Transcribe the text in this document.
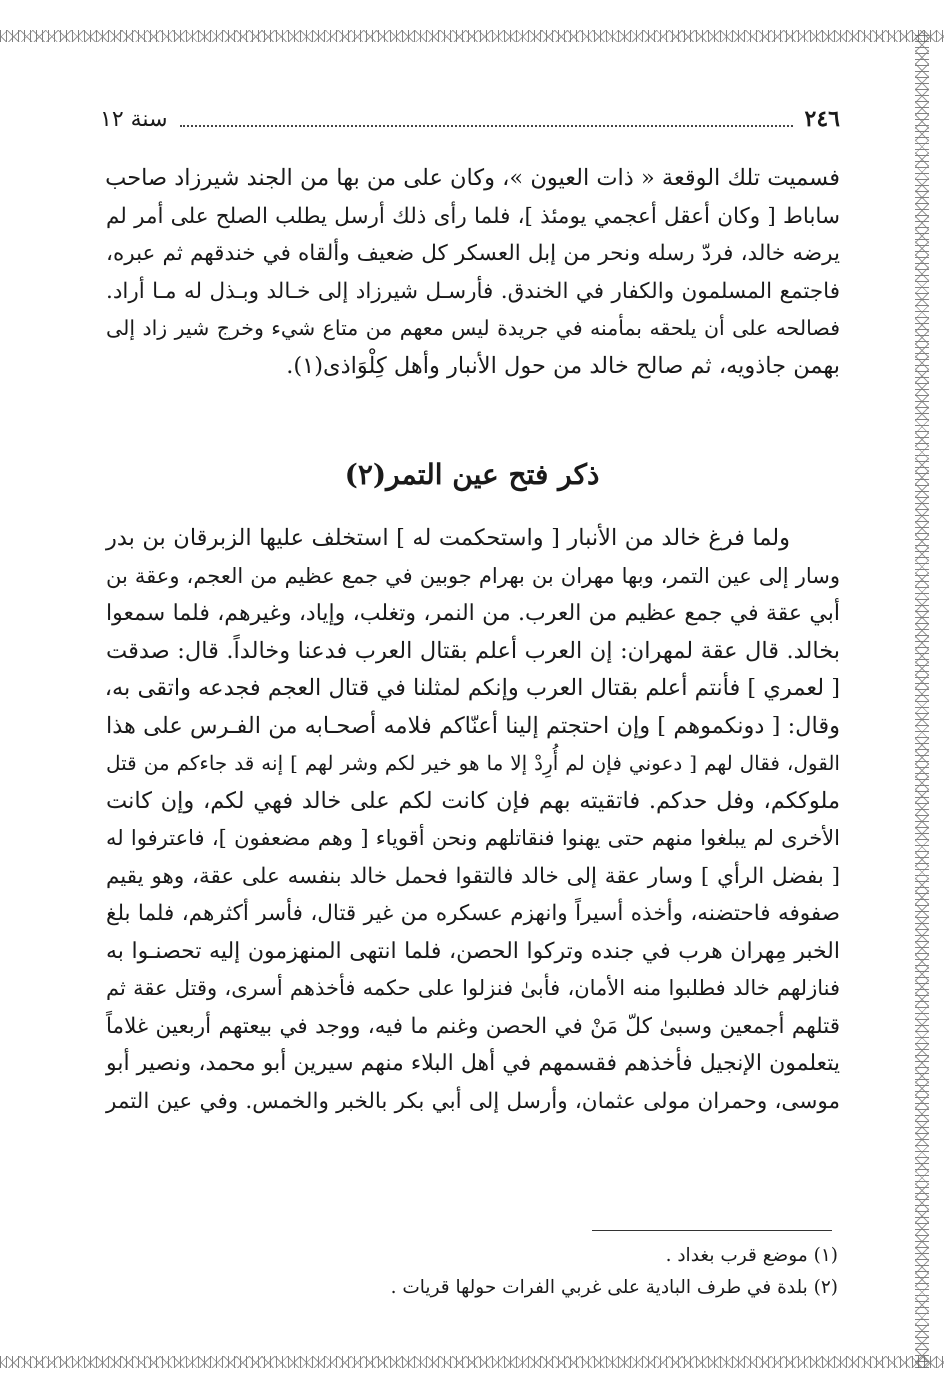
٢٤٦
سنة ١٢

فسميت تلك الوقعة « ذات العيون »، وكان على من بها من الجند شيرزاد صاحب
ساباط [ وكان أعقل أعجمي يومئذ ]، فلما رأى ذلك أرسل يطلب الصلح على أمر لم
يرضه خالد، فردّ رسله ونحر من إبل العسكر كل ضعيف وألقاه في خندقهم ثم عبره،
فاجتمع المسلمون والكفار في الخندق. فأرسـل شيرزاد إلى خـالد وبـذل له مـا أراد.
فصالحه على أن يلحقه بمأمنه في جريدة ليس معهم من متاع شيء وخرج شير زاد إلى
بهمن جاذويه، ثم صالح خالد من حول الأنبار وأهل كِلْوَاذى(١).

ذكر فتح عين التمر(٢)

ولما فرغ خالد من الأنبار [ واستحكمت له ] استخلف عليها الزبرقان بن بدر
وسار إلى عين التمر، وبها مهران بن بهرام جوبين في جمع عظيم من العجم، وعقة بن
أبي عقة في جمع عظيم من العرب. من النمر، وتغلب، وإياد، وغيرهم، فلما سمعوا
بخالد. قال عقة لمهران: إن العرب أعلم بقتال العرب فدعنا وخالداً. قال: صدقت
[ لعمري ] فأنتم أعلم بقتال العرب وإنكم لمثلنا في قتال العجم فجدعه واتقى به،
وقال: [ دونكموهم ] وإن احتجتم إلينا أعنّاكم فلامه أصحـابه من الفـرس على هذا
القول، فقال لهم [ دعوني فإن لم أُرِدْ إلا ما هو خير لكم وشر لهم ] إنه قد جاءكم من قتل
ملوككم، وفل حدكم. فاتقيته بهم فإن كانت لكم على خالد فهي لكم، وإن كانت
الأخرى لم يبلغوا منهم حتى يهنوا فنقاتلهم ونحن أقوياء [ وهم مضعفون ]، فاعترفوا له
[ بفضل الرأي ] وسار عقة إلى خالد فالتقوا فحمل خالد بنفسه على عقة، وهو يقيم
صفوفه فاحتضنه، وأخذه أسيراً وانهزم عسكره من غير قتال، فأسر أكثرهم، فلما بلغ
الخبر مِهران هرب في جنده وتركوا الحصن، فلما انتهى المنهزمون إليه تحصنـوا به
فنازلهم خالد فطلبوا منه الأمان، فأبىٰ فنزلوا على حكمه فأخذهم أسرى، وقتل عقة ثم
قتلهم أجمعين وسبىٰ كلّ مَنْ في الحصن وغنم ما فيه، ووجد في بيعتهم أربعين غلاماً
يتعلمون الإنجيل فأخذهم فقسمهم في أهل البلاء منهم سيرين أبو محمد، ونصير أبو
موسى، وحمران مولى عثمان، وأرسل إلى أبي بكر بالخبر والخمس. وفي عين التمر

(١) موضع قرب بغداد .
(٢) بلدة في طرف البادية على غربي الفرات حولها قريات .
